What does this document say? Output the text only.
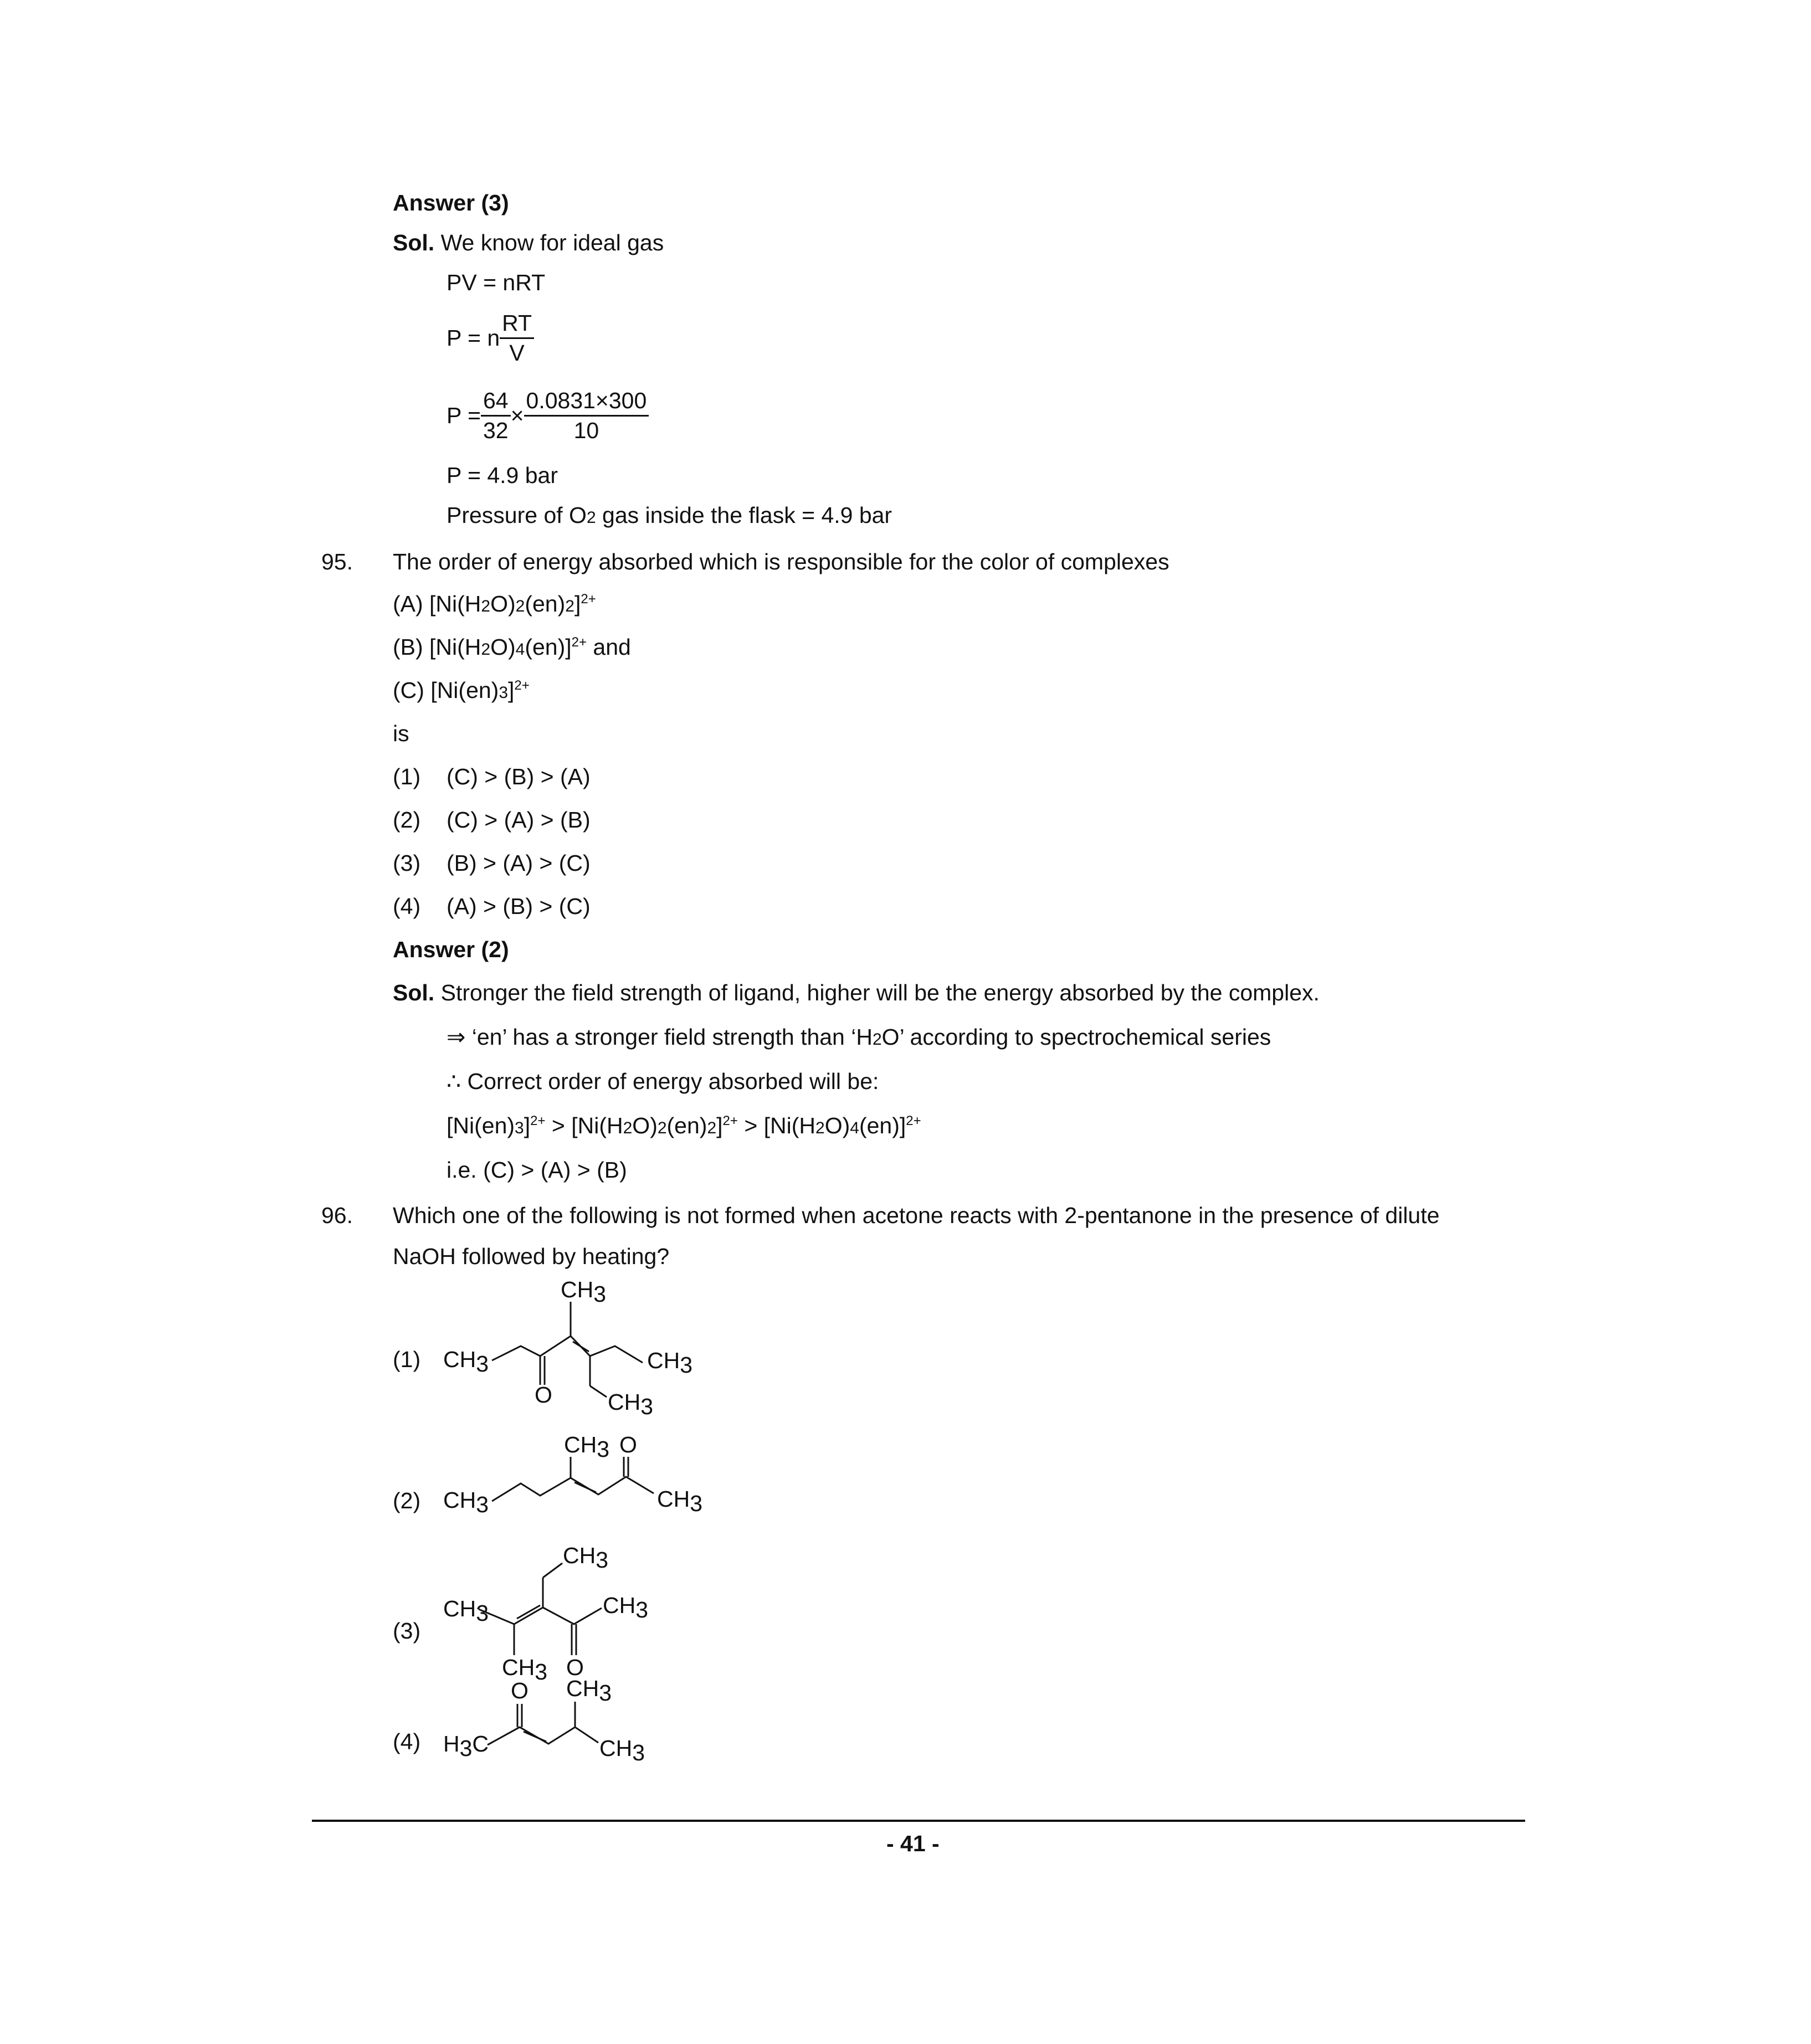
Answer (3)
Sol. We know for ideal gas
PV = nRT
P = n $\frac{RT}{V}$
$P = \frac{64}{32} \times \frac{0.0831\times 300}{10}$
P = 4.9 bar
Pressure of O2 gas inside the flask = 4.9 bar
95. The order of energy absorbed which is responsible for the color of complexes
(A) $[Ni(H2O)2(en)2]^{2+}$
(B) $[Ni(H2O)4(en)]^{2+}$ and
(C) $[Ni(en)3]^{2+}$
is
(1) (C) > (B) > (A)
(2) (C) > (A) > (B)
(3) (B) > (A) > (C)
(4) (A) > (B) > (C)
Answer (2)
Sol. Stronger the field strength of ligand, higher will be the energy absorbed by the complex.
⇒ ‘en’ has a stronger field strength than ‘H2O’ according to spectrochemical series
∴ Correct order of energy absorbed will be:
$[Ni(en)3]^{2+} > [Ni(H2O)2(en)2]^{2+} > [Ni(H2O)4(en)]^{2+}$
i.e. (C) > (A) > (B)
96. Which one of the following is not formed when acetone reacts with 2-pentanone in the presence of dilute
NaOH followed by heating?
(1) CH3
CH3
CH3
CH3
O
(2) CH3
CH3 O
CH3
(3)
CH3
CH3
CH3
CH3 O
(4) H3C
O CH3
CH3
- 41 -
